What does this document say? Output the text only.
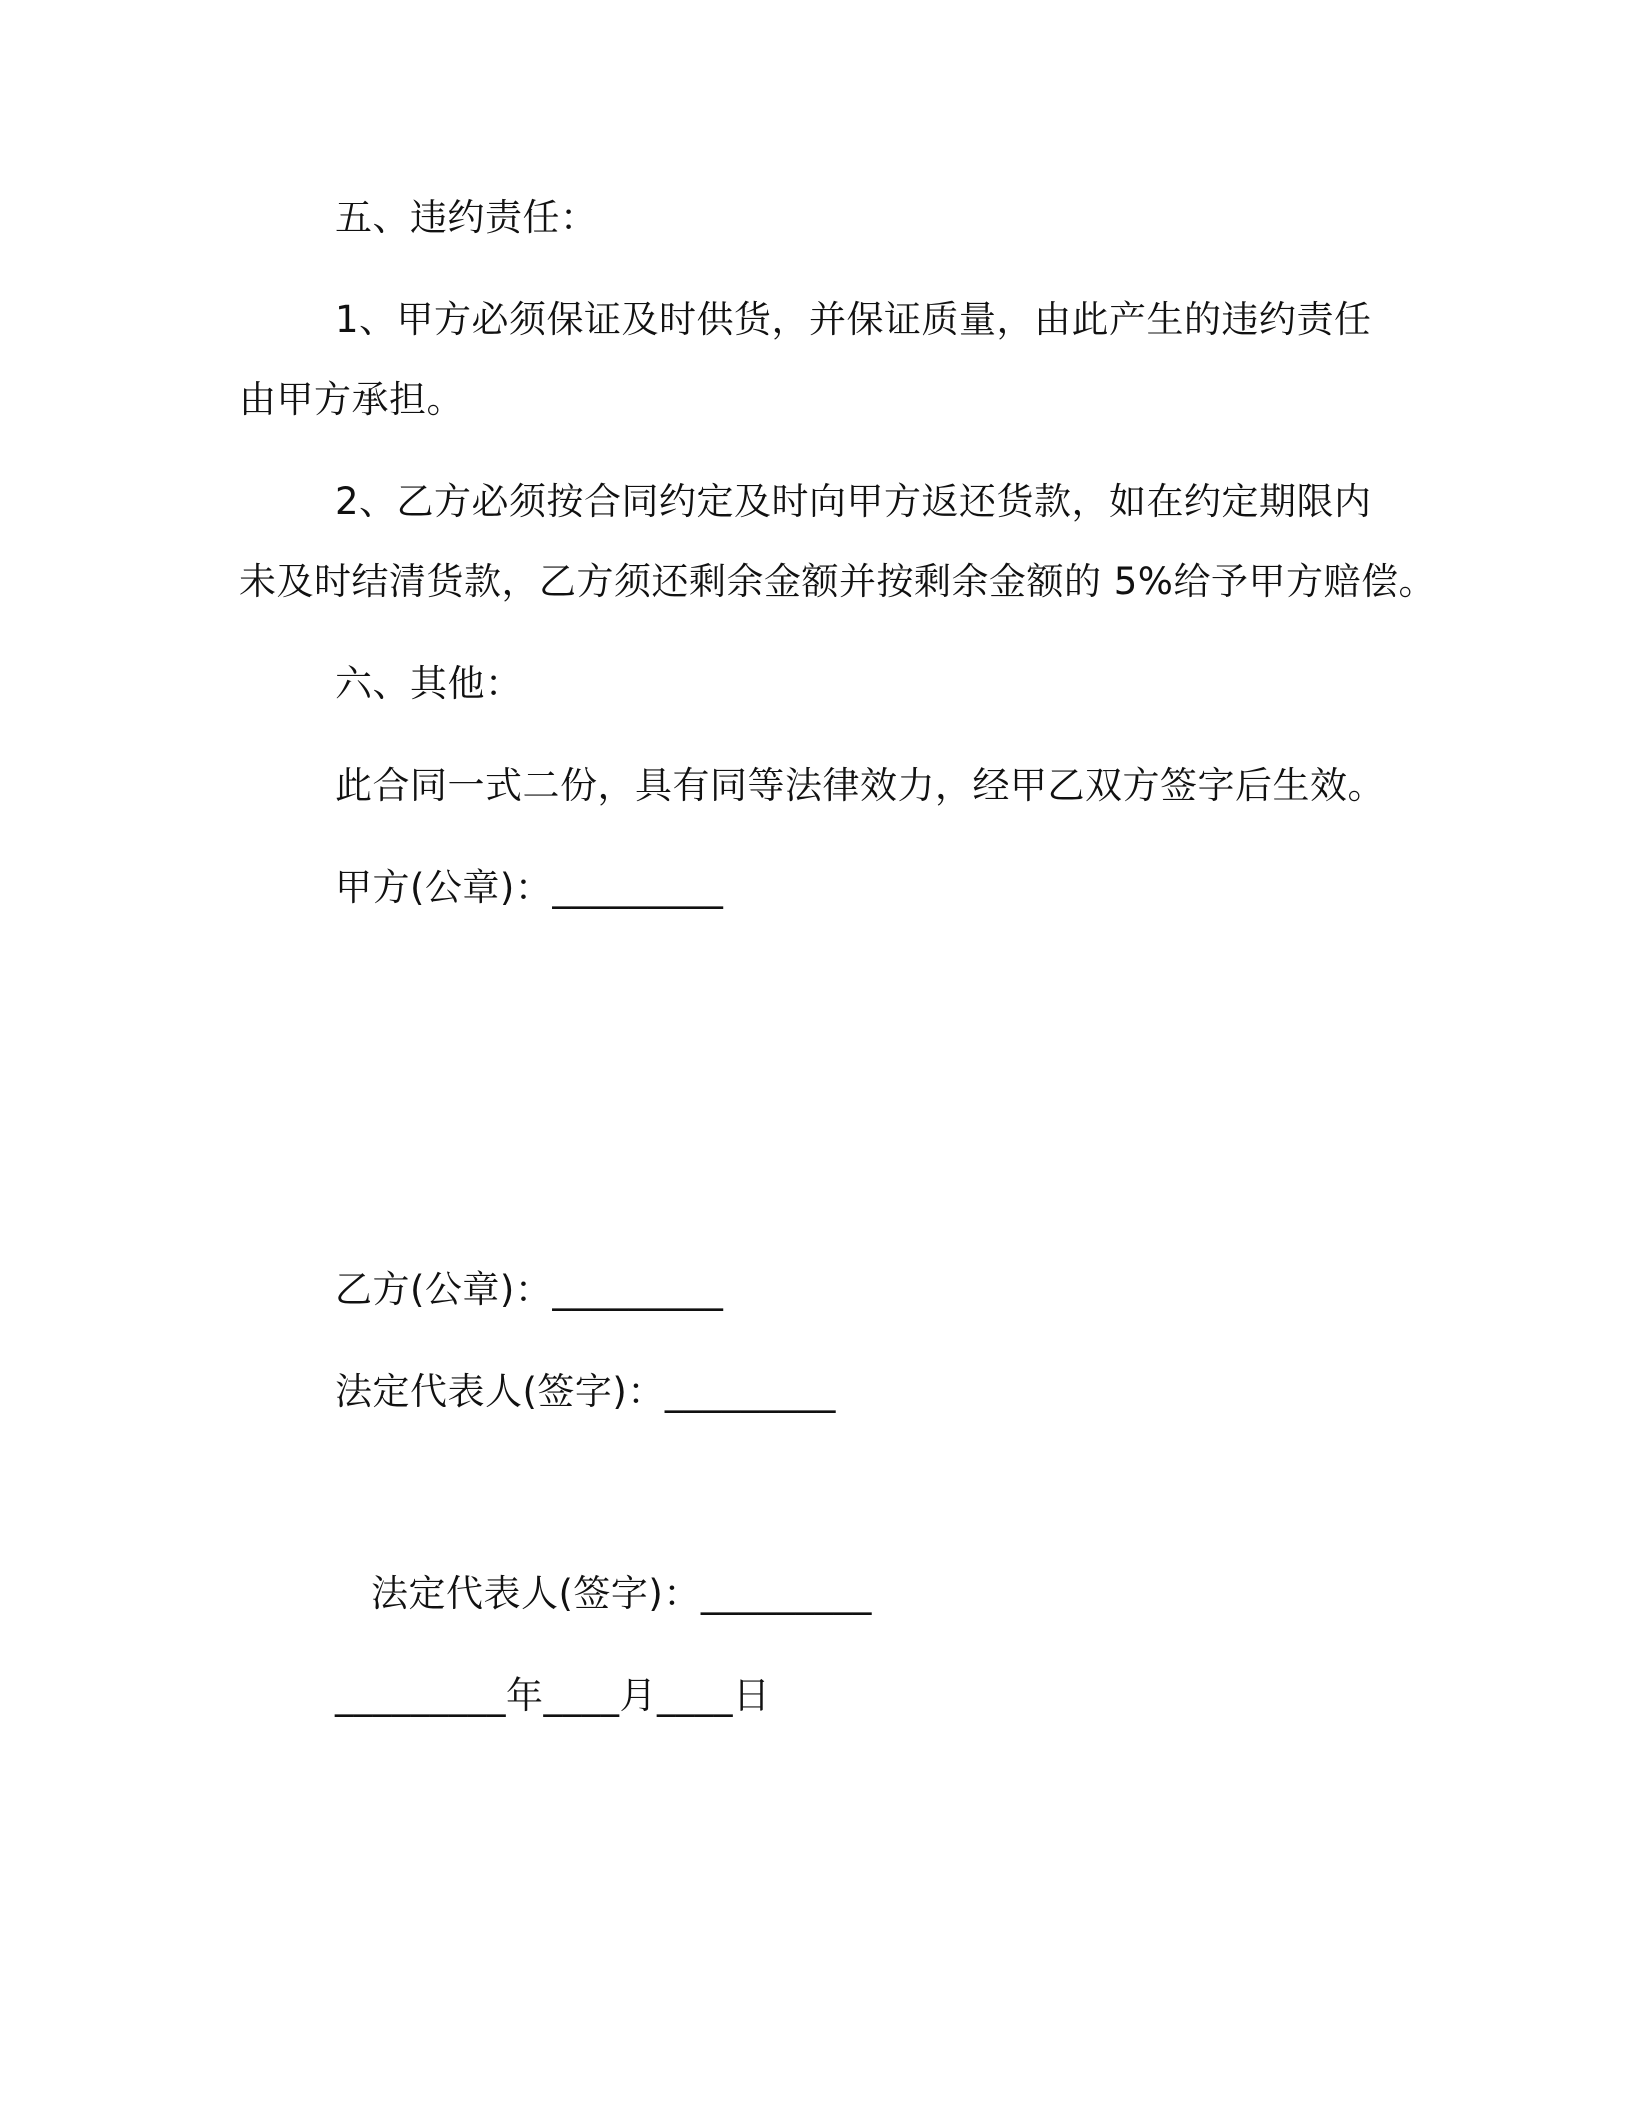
五、违约责任：
1、甲方必须保证及时供货，并保证质量，由此产生的违约责任
由甲方承担。
2、乙方必须按合同约定及时向甲方返还货款，如在约定期限内
未及时结清货款，乙方须还剩余金额并按剩余金额的 5%给予甲方赔偿。
六、其他：
此合同一式二份，具有同等法律效力，经甲乙双方签字后生效。
甲方(公章)：_________
乙方(公章)：_________
法定代表人(签字)：_________
法定代表人(签字)：_________
_________年____月____日
